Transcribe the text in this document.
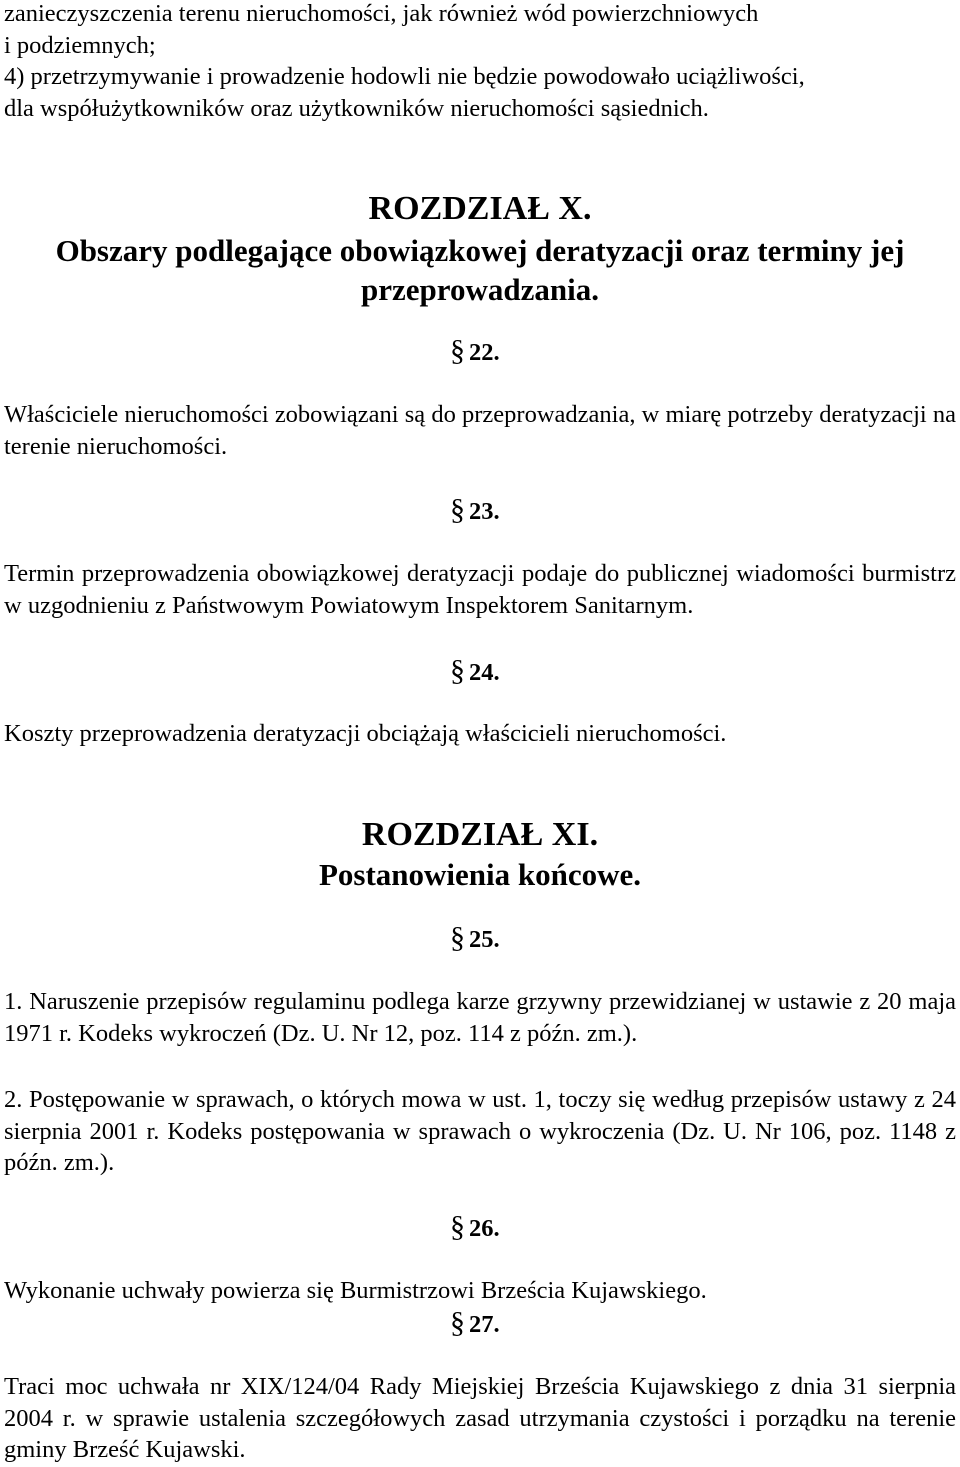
zanieczyszczenia terenu nieruchomości, jak również wód powierzchniowych
i podziemnych;
4) przetrzymywanie i prowadzenie hodowli nie będzie powodowało uciążliwości,
dla współużytkowników oraz użytkowników nieruchomości sąsiednich.

ROZDZIAŁ X.
Obszary podlegające obowiązkowej deratyzacji oraz terminy jej
przeprowadzania.
§ 22.

Właściciele nieruchomości zobowiązani są do przeprowadzania, w miarę potrzeby deratyzacji na terenie nieruchomości.

§ 23.

Termin przeprowadzenia obowiązkowej deratyzacji podaje do publicznej wiadomości burmistrz w uzgodnieniu z Państwowym Powiatowym Inspektorem Sanitarnym.

§ 24.

Koszty przeprowadzenia deratyzacji obciążają właścicieli nieruchomości.

ROZDZIAŁ XI.
Postanowienia końcowe.
§ 25.

1. Naruszenie przepisów regulaminu podlega karze grzywny przewidzianej w ustawie z 20 maja 1971 r. Kodeks wykroczeń (Dz. U. Nr 12, poz. 114 z późn. zm.).

2. Postępowanie w sprawach, o których mowa w ust. 1, toczy się według przepisów ustawy z 24 sierpnia 2001 r. Kodeks postępowania w sprawach o wykroczenia (Dz. U. Nr 106, poz. 1148 z późn. zm.).

§ 26.

Wykonanie uchwały powierza się Burmistrzowi Brześcia Kujawskiego.

§ 27.

Traci moc uchwała nr XIX/124/04 Rady Miejskiej Brześcia Kujawskiego z dnia 31 sierpnia 2004 r. w sprawie ustalenia szczegółowych zasad utrzymania czystości i porządku na terenie gminy Brześć Kujawski.
